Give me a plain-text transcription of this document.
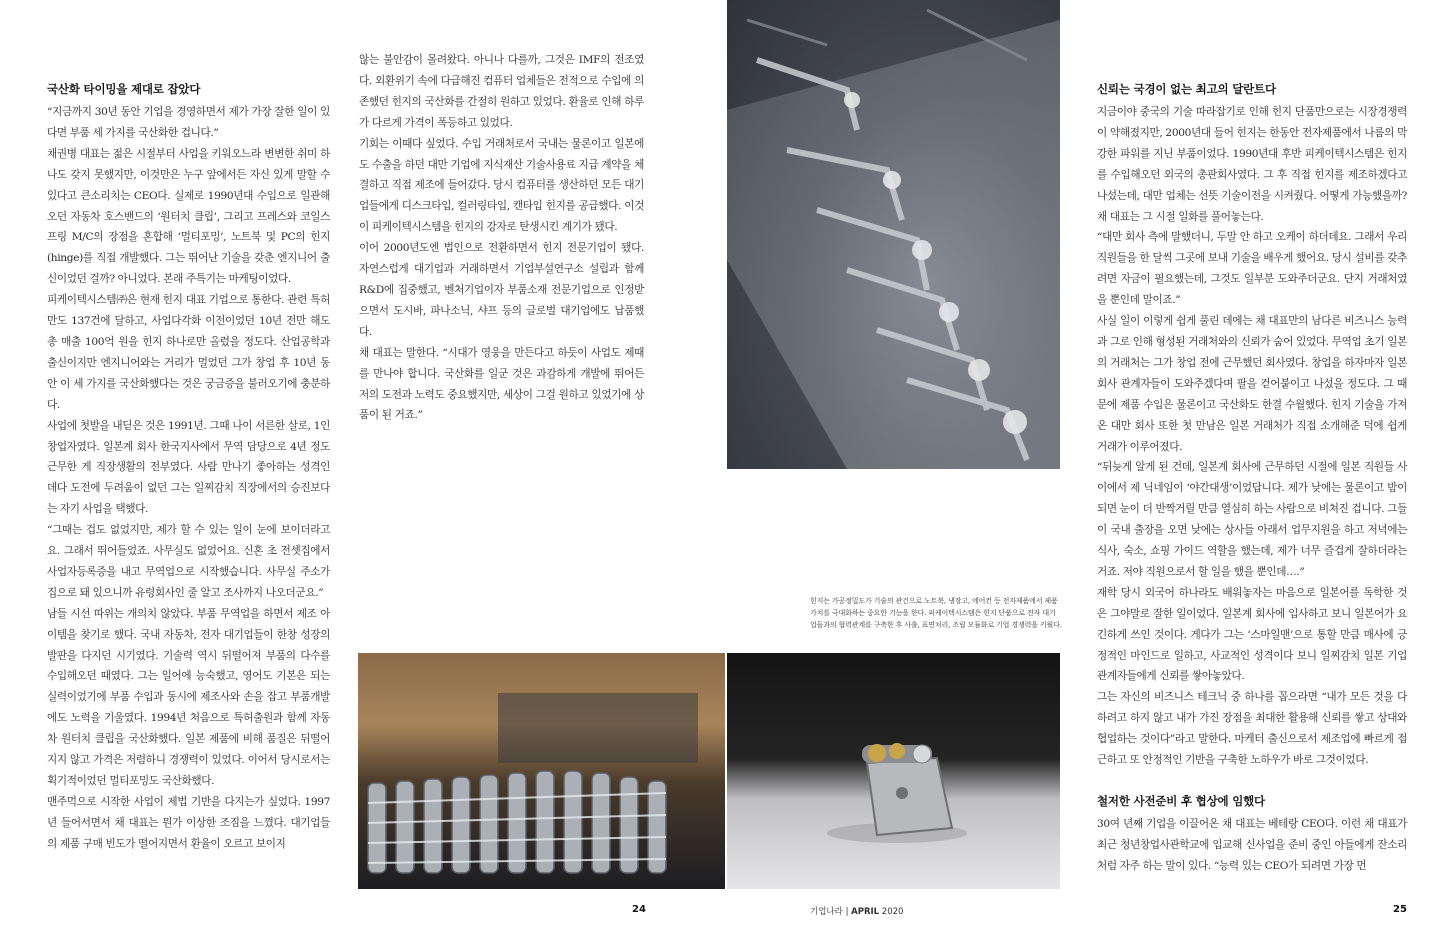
국산화 타이밍을 제대로 잡았다

“지금까지 30년 동안 기업을 경영하면서 제가 가장 잘한 일이 있다면 부품 세 가지를 국산화한 겁니다.”

채권병 대표는 젊은 시절부터 사업을 키워오느라 변변한 취미 하나도 갖지 못했지만, 이것만은 누구 앞에서든 자신 있게 말할 수 있다고 큰소리치는 CEO다. 실제로 1990년대 수입으로 일관해오던 자동차 호스밴드의 ‘원터치 클립’, 그리고 프레스와 코일스프링 M/C의 장점을 혼합해 ‘멀티포밍’, 노트북 및 PC의 힌지(hinge)를 직접 개발했다. 그는 뛰어난 기술을 갖춘 엔지니어 출신이었던 걸까? 아니었다. 본래 주특기는 마케팅이었다.

피케이텍시스템㈜은 현재 힌지 대표 기업으로 통한다. 관련 특허만도 137건에 달하고, 사업다각화 이전이었던 10년 전만 해도 총 매출 100억 원을 힌지 하나로만 올렸을 정도다. 산업공학과 출신이지만 엔지니어와는 거리가 멀었던 그가 창업 후 10년 동안 이 세 가지를 국산화했다는 것은 궁금증을 불러오기에 충분하다.

사업에 첫발을 내딛은 것은 1991년. 그때 나이 서른한 살로, 1인 창업자였다. 일본계 회사 한국지사에서 무역 담당으로 4년 정도 근무한 게 직장생활의 전부였다. 사람 만나기 좋아하는 성격인 데다 도전에 두려움이 없던 그는 일찌감치 직장에서의 승진보다는 자기 사업을 택했다.

“그때는 겁도 없었지만, 제가 할 수 있는 일이 눈에 보이더라고요. 그래서 뛰어들었죠. 사무실도 없었어요. 신혼 초 전셋집에서 사업자등록증을 내고 무역업으로 시작했습니다. 사무실 주소가 집으로 돼 있으니까 유령회사인 줄 알고 조사까지 나오더군요.”

남들 시선 따위는 개의치 않았다. 부품 무역업을 하면서 제조 아이템을 찾기로 했다. 국내 자동차, 전자 대기업들이 한창 성장의 발판을 다지던 시기였다. 기술력 역시 뒤떨어져 부품의 다수를 수입해오던 때였다. 그는 일어에 능숙했고, 영어도 기본은 되는 실력이었기에 부품 수입과 동시에 제조사와 손을 잡고 부품개발에도 노력을 기울였다. 1994년 처음으로 특허출원과 함께 자동차 원터치 클립을 국산화했다. 일본 제품에 비해 품질은 뒤떨어지지 않고 가격은 저렴하니 경쟁력이 있었다. 이어서 당시로서는 획기적이었던 멀티포밍도 국산화했다.

맨주먹으로 시작한 사업이 제법 기반을 다지는가 싶었다. 1997년 들어서면서 채 대표는 뭔가 이상한 조짐을 느꼈다. 대기업들의 제품 구매 빈도가 떨어지면서 환율이 오르고 보이지

않는 불안감이 몰려왔다. 아니나 다를까, 그것은 IMF의 전조였다. 외환위기 속에 다급해진 컴퓨터 업체들은 전적으로 수입에 의존했던 힌지의 국산화를 간절히 원하고 있었다. 환율로 인해 하루가 다르게 가격이 폭등하고 있었다.

기회는 이때다 싶었다. 수입 거래처로서 국내는 물론이고 일본에도 수출을 하던 대만 기업에 지식재산 기술사용료 지급 계약을 체결하고 직접 제조에 들어갔다. 당시 컴퓨터를 생산하던 모든 대기업들에게 디스크타입, 컬러링타입, 캔타입 힌지를 공급했다. 이것이 피케이텍시스템을 힌지의 강자로 탄생시킨 계기가 됐다.

이어 2000년도엔 법인으로 전환하면서 힌지 전문기업이 됐다. 자연스럽게 대기업과 거래하면서 기업부설연구소 설립과 함께 R&D에 집중했고, 벤처기업이자 부품소재 전문기업으로 인정받으면서 도시바, 파나소닉, 샤프 등의 글로벌 대기업에도 납품했다.

채 대표는 말한다. “시대가 영웅을 만든다고 하듯이 사업도 제때를 만나야 합니다. 국산화를 일군 것은 과감하게 개발에 뛰어든 저의 도전과 노력도 중요했지만, 세상이 그걸 원하고 있었기에 상품이 된 거죠.”

힌지는 가공정밀도가 기술의 관건으로 노트북, 냉장고, 에어컨 등 전자제품에서 제품 가치를 극대화하는 중요한 기능을 한다. 피케이텍시스템은 힌지 단품으로 전자 대기업들과의 협력관계를 구축한 후 사출, 표면처리, 조립 모듈화로 기업 경쟁력을 키웠다.
신뢰는 국경이 없는 최고의 달란트다

지금이야 중국의 기술 따라잡기로 인해 힌지 단품만으로는 시장경쟁력이 약해졌지만, 2000년대 들어 힌지는 한동안 전자제품에서 나름의 막강한 파워를 지닌 부품이었다. 1990년대 후반 피케이텍시스템은 힌지를 수입해오던 외국의 총판회사였다. 그 후 직접 힌지를 제조하겠다고 나섰는데, 대만 업체는 선뜻 기술이전을 시켜줬다. 어떻게 가능했을까? 채 대표는 그 시절 일화를 풀어놓는다.

“대만 회사 측에 말했더니, 두말 안 하고 오케이 하더데요. 그래서 우리 직원들을 한 달씩 그곳에 보내 기술을 배우게 했어요. 당시 설비를 갖추려면 자금이 필요했는데, 그것도 일부분 도와주더군요. 단지 거래처였을 뿐인데 말이죠.”

사실 일이 이렇게 쉽게 풀린 데에는 채 대표만의 남다른 비즈니스 능력과 그로 인해 형성된 거래처와의 신뢰가 숨어 있었다. 무역업 초기 일본의 거래처는 그가 창업 전에 근무했던 회사였다. 창업을 하자마자 일본 회사 관계자들이 도와주겠다며 팔을 걷어붙이고 나섰을 정도다. 그 때문에 제품 수입은 물론이고 국산화도 한결 수월했다. 힌지 기술을 가져온 대만 회사 또한 첫 만남은 일본 거래처가 직접 소개해준 덕에 쉽게 거래가 이루어졌다.

“뒤늦게 알게 된 건데, 일본계 회사에 근무하던 시절에 일본 직원들 사이에서 제 닉네임이 ‘야간대생’이었답니다. 제가 낮에는 물론이고 밤이 되면 눈이 더 반짝거릴 만큼 열심히 하는 사람으로 비쳐진 겁니다. 그들이 국내 출장을 오면 낮에는 상사들 아래서 업무지원을 하고 저녁에는 식사, 숙소, 쇼핑 가이드 역할을 했는데, 제가 너무 즐겁게 잘하더라는 거죠. 저야 직원으로서 할 일을 했을 뿐인데….”

재학 당시 외국어 하나라도 배워놓자는 마음으로 일본어를 독학한 것은 그야말로 잘한 일이었다. 일본계 회사에 입사하고 보니 일본어가 요긴하게 쓰인 것이다. 게다가 그는 ‘스마일맨’으로 통할 만큼 매사에 긍정적인 마인드로 일하고, 사교적인 성격이다 보니 일찌감치 일본 기업 관계자들에게 신뢰를 쌓아놓았다.

그는 자신의 비즈니스 테크닉 중 하나를 꼽으라면 “내가 모든 것을 다 하려고 하지 않고 내가 가진 장점을 최대한 활용해 신뢰를 쌓고 상대와 협업하는 것이다”라고 말한다. 마케터 출신으로서 제조업에 빠르게 접근하고 또 안정적인 기반을 구축한 노하우가 바로 그것이었다.

철저한 사전준비 후 협상에 임했다

30여 년째 기업을 이끌어온 채 대표는 베테랑 CEO다. 이런 채 대표가 최근 청년창업사관학교에 입교해 신사업을 준비 중인 아들에게 잔소리처럼 자주 하는 말이 있다. “능력 있는 CEO가 되려면 가장 먼

24	기업나라 | APRIL 2020	25
